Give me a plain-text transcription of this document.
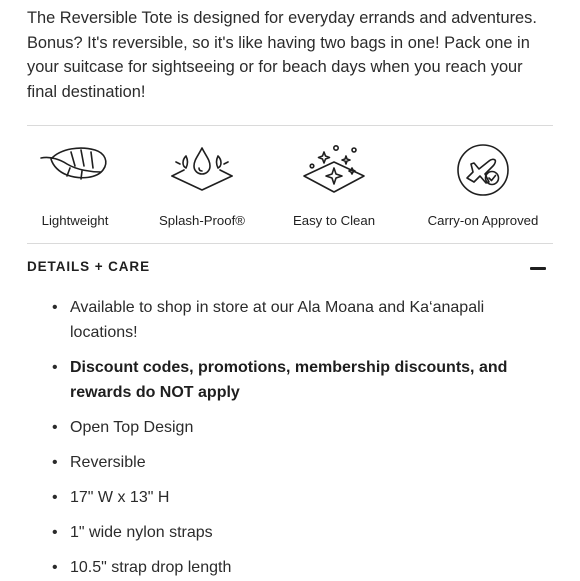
The Reversible Tote is designed for everyday errands and adventures. Bonus? It's reversible, so it's like having two bags in one! Pack one in your suitcase for sightseeing or for beach days when you reach your final destination!

Lightweight	Splash-Proof®	Easy to Clean	Carry-on Approved
DETAILS + CARE
• Available to shop in store at our Ala Moana and Ka‘anapali locations!
• Discount codes, promotions, membership discounts, and rewards do NOT apply
• Open Top Design
• Reversible
• 17" W x 13" H
• 1" wide nylon straps
• 10.5" strap drop length
